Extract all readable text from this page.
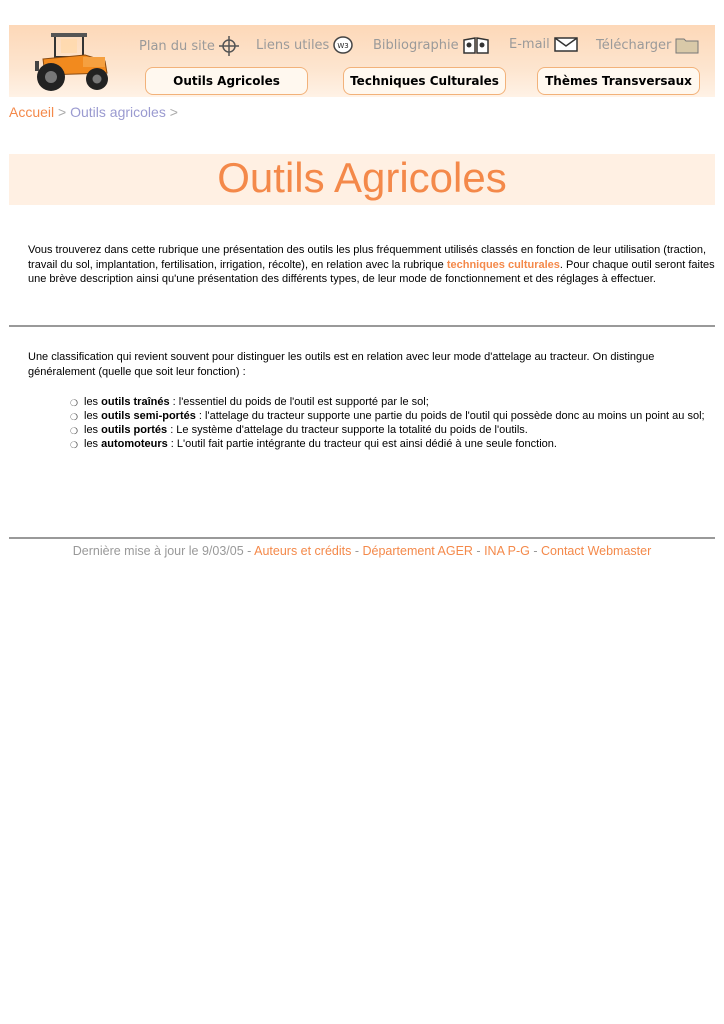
Plan du site	Liens utiles W3 Bibliographie	E-mail	Télécharger
Outils Agricoles	Techniques Culturales	Thèmes Transversaux
Accueil > Outils agricoles >
Outils Agricoles
Vous trouverez dans cette rubrique une présentation des outils les plus fréquemment utilisés classés en fonction de leur utilisation (traction, travail du sol, implantation, fertilisation, irrigation, récolte), en relation avec la rubrique techniques culturales. Pour chaque outil seront faites une brève description ainsi qu'une présentation des différents types, de leur mode de fonctionnement et des réglages à effectuer.
Une classification qui revient souvent pour distinguer les outils est en relation avec leur mode d'attelage au tracteur. On distingue généralement (quelle que soit leur fonction) :
❍ les outils traînés : l'essentiel du poids de l'outil est supporté par le sol;
❍ les outils semi-portés : l'attelage du tracteur supporte une partie du poids de l'outil qui possède donc au moins un point au sol;
❍ les outils portés : Le système d'attelage du tracteur supporte la totalité du poids de l'outils.
❍ les automoteurs : L'outil fait partie intégrante du tracteur qui est ainsi dédié à une seule fonction.
Dernière mise à jour le 9/03/05 - Auteurs et crédits - Département AGER - INA P-G - Contact Webmaster
